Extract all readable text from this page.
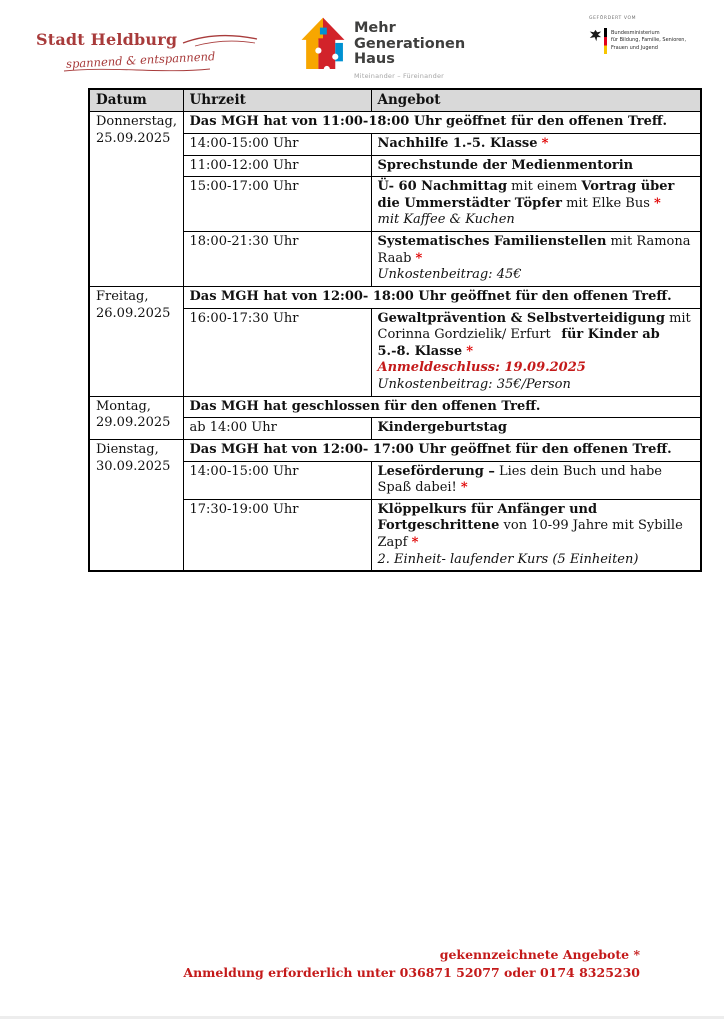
Stadt Heldburg
spannend & entspannend
Mehr
Generationen
Haus
Miteinander – Füreinander
GEFÖRDERT VOM
Bundesministerium
für Bildung, Familie, Senioren,
Frauen und Jugend
Datum	Uhrzeit	Angebot

Donnerstag,
25.09.2025	Das MGH hat von 11:00-18:00 Uhr geöffnet für den offenen Treff.	
	14:00-15:00 Uhr	Nachhilfe 1.-5. Klasse *

	11:00-12:00 Uhr	Sprechstunde der Medienmentorin

	15:00-17:00 Uhr	Ü- 60 Nachmittag mit einem Vortrag über die Ummerstädter Töpfer mit Elke Bus *
mit Kaffee & Kuchen

	18:00-21:30 Uhr	Systematisches Familienstellen mit Ramona Raab *
Unkostenbeitrag: 45€

Freitag,
26.09.2025	Das MGH hat von 12:00- 18:00 Uhr geöffnet für den offenen Treff.	
	16:00-17:30 Uhr	Gewaltprävention & Selbstverteidigung mit Corinna Gordzielik/ Erfurt  für Kinder ab 5.-8. Klasse *
Anmeldeschluss: 19.09.2025
Unkostenbeitrag: 35€/Person

Montag,
29.09.2025	Das MGH hat geschlossen für den offenen Treff.	
	ab 14:00 Uhr	Kindergeburtstag

Dienstag,
30.09.2025	Das MGH hat von 12:00- 17:00 Uhr geöffnet für den offenen Treff.	
	14:00-15:00 Uhr	Leseförderung – Lies dein Buch und habe Spaß dabei! *

	17:30-19:00 Uhr	Klöppelkurs für Anfänger und Fortgeschrittene von 10-99 Jahre mit Sybille Zapf *
2. Einheit- laufender Kurs (5 Einheiten)
gekennzeichnete Angebote *
Anmeldung erforderlich unter 036871 52077 oder 0174 8325230
